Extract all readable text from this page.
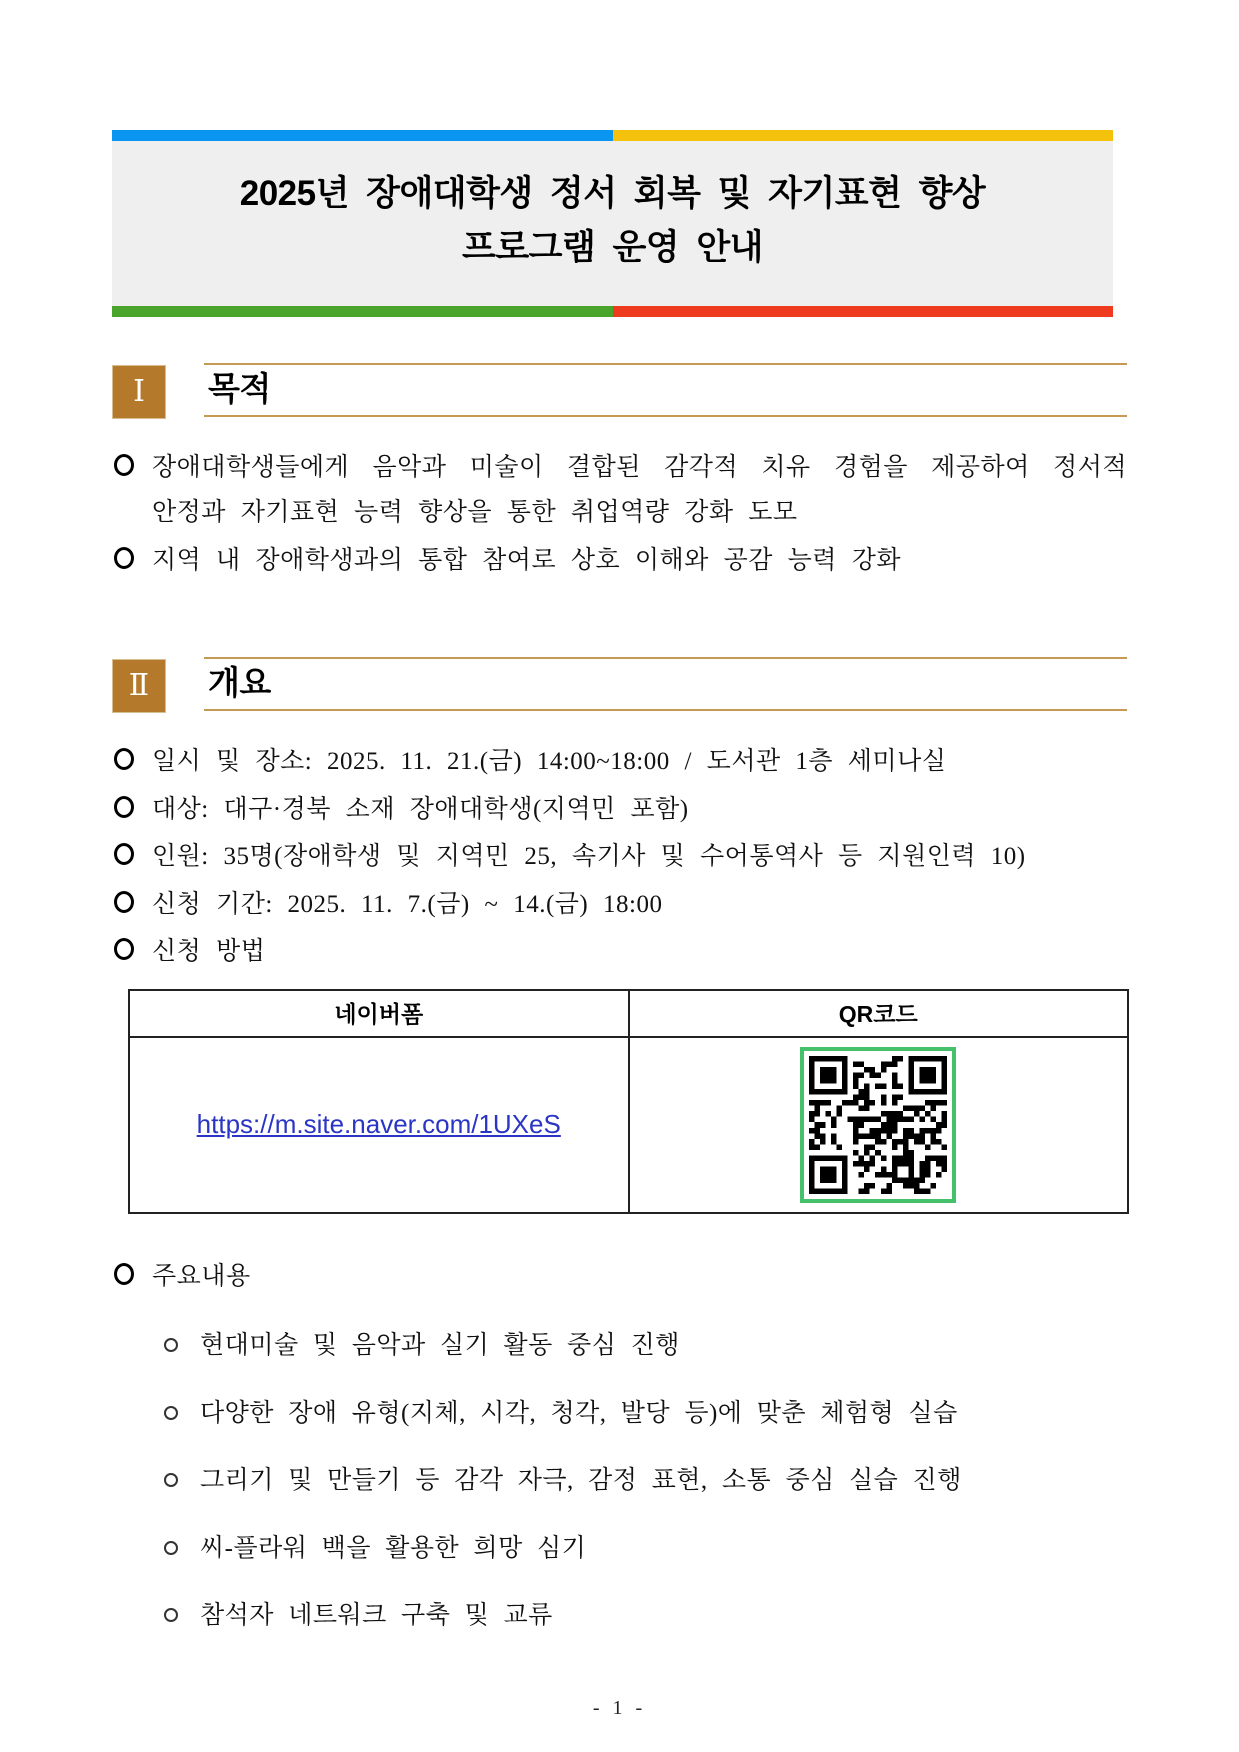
2025년 장애대학생 정서 회복 및 자기표현 향상
프로그램 운영 안내
Ⅰ 목적
장애대학생들에게 음악과 미술이 결합된 감각적 치유 경험을 제공하여 정서적 안정과 자기표현 능력 향상을 통한 취업역량 강화 도모
지역 내 장애학생과의 통합 참여로 상호 이해와 공감 능력 강화
Ⅱ 개요
일시 및 장소: 2025. 11. 21.(금) 14:00~18:00 / 도서관 1층 세미나실
대상: 대구·경북 소재 장애대학생(지역민 포함)
인원: 35명(장애학생 및 지역민 25, 속기사 및 수어통역사 등 지원인력 10)
신청 기간: 2025. 11. 7.(금) ~ 14.(금) 18:00
신청 방법
네이버폼	QR코드
https://m.site.naver.com/1UXeS	
주요내용
현대미술 및 음악과 실기 활동 중심 진행
다양한 장애 유형(지체, 시각, 청각, 발당 등)에 맞춘 체험형 실습
그리기 및 만들기 등 감각 자극, 감정 표현, 소통 중심 실습 진행
씨-플라워 백을 활용한 희망 심기
참석자 네트워크 구축 및 교류
- 1 -
